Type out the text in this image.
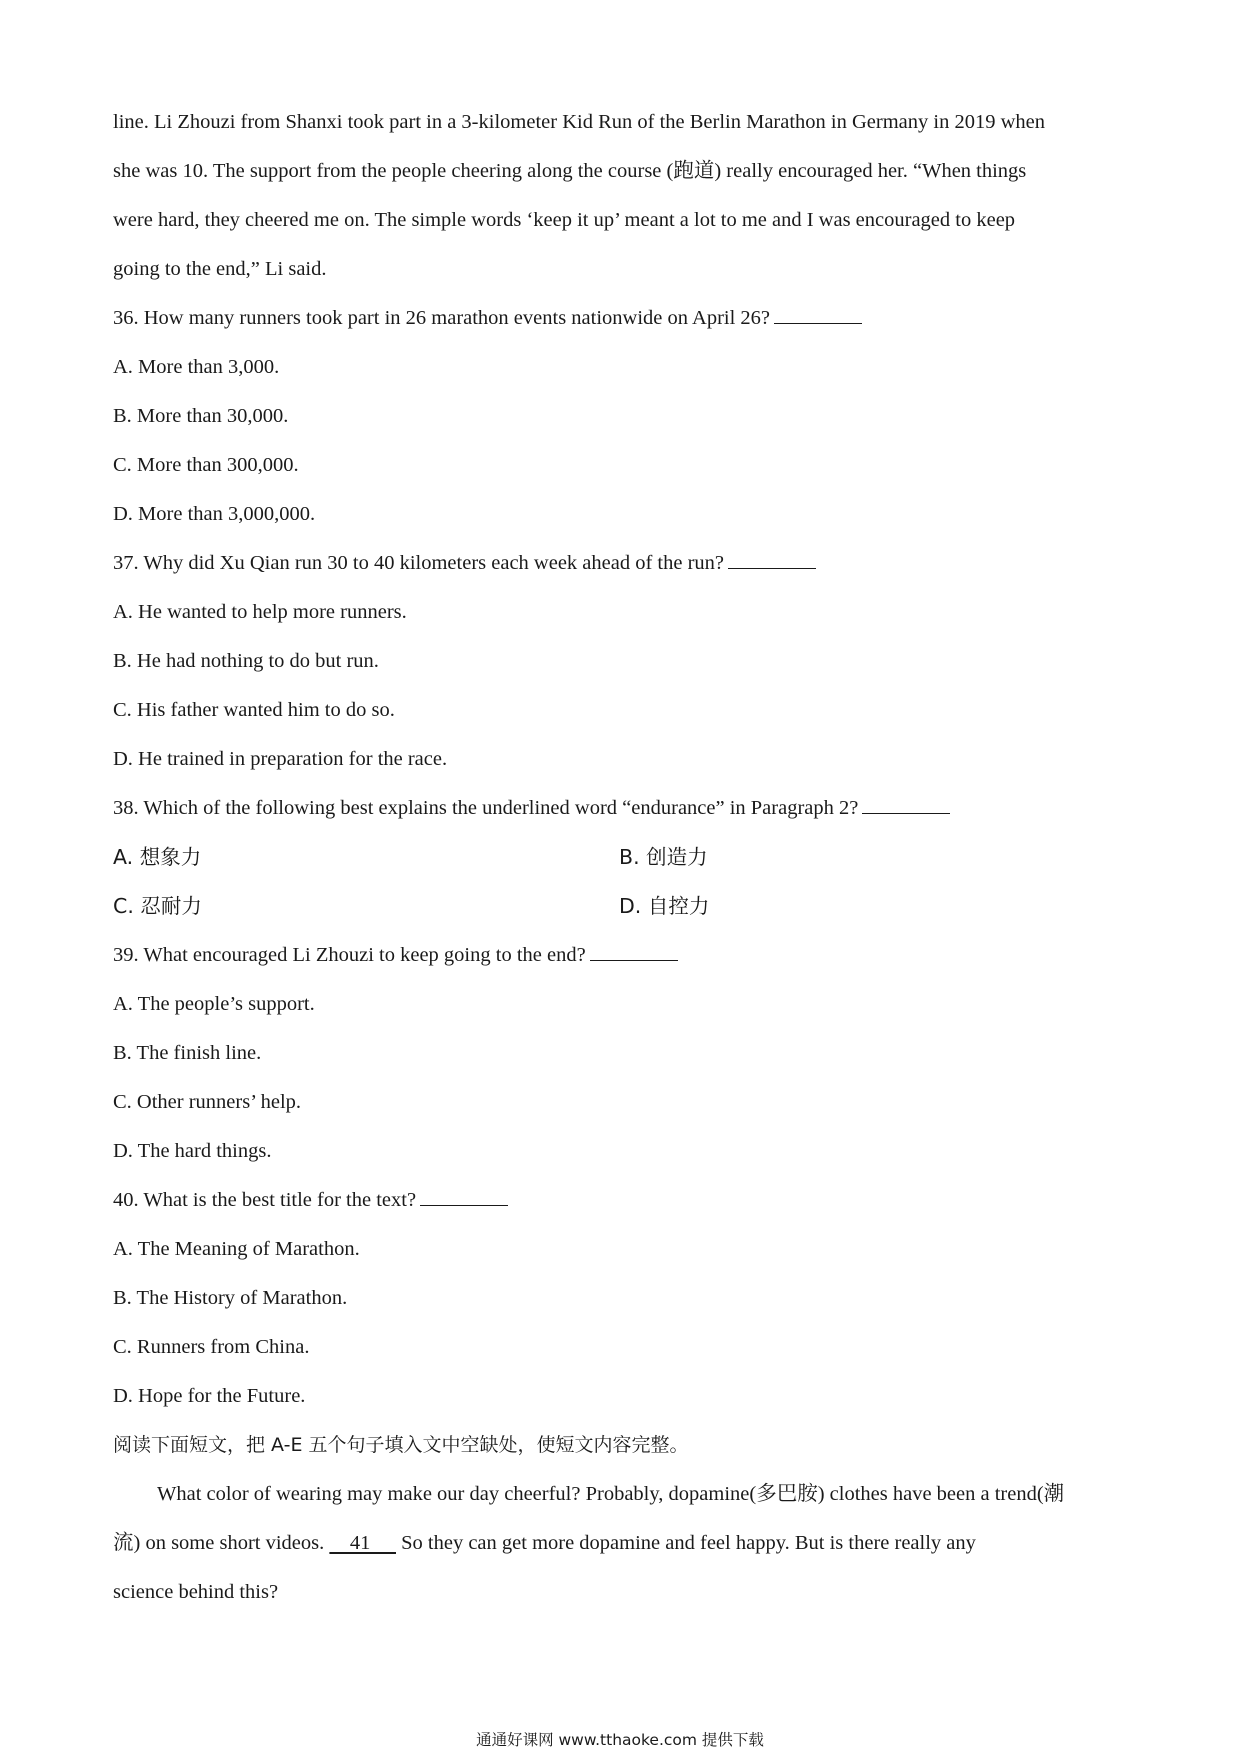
line. Li Zhouzi from Shanxi took part in a 3-kilometer Kid Run of the Berlin Marathon in Germany in 2019 when
she was 10. The support from the people cheering along the course (跑道) really encouraged her. “When things
were hard, they cheered me on. The simple words ‘keep it up’ meant a lot to me and I was encouraged to keep
going to the end,” Li said.
36. How many runners took part in 26 marathon events nationwide on April 26?
A. More than 3,000.
B. More than 30,000.
C. More than 300,000.
D. More than 3,000,000.
37. Why did Xu Qian run 30 to 40 kilometers each week ahead of the run?
A. He wanted to help more runners.
B. He had nothing to do but run.
C. His father wanted him to do so.
D. He trained in preparation for the race.
38. Which of the following best explains the underlined word “endurance” in Paragraph 2?
A. 想象力	B. 创造力
C. 忍耐力	D. 自控力
39. What encouraged Li Zhouzi to keep going to the end?
A. The people’s support.
B. The finish line.
C. Other runners’ help.
D. The hard things.
40. What is the best title for the text?
A. The Meaning of Marathon.
B. The History of Marathon.
C. Runners from China.
D. Hope for the Future.
阅读下面短文，把 A-E 五个句子填入文中空缺处，使短文内容完整。
What color of wearing may make our day cheerful? Probably, dopamine(多巴胺) clothes have been a trend(潮
流) on some short videos.     41      So they can get more dopamine and feel happy. But is there really any
science behind this?
通通好课网 www.tthaoke.com 提供下载
